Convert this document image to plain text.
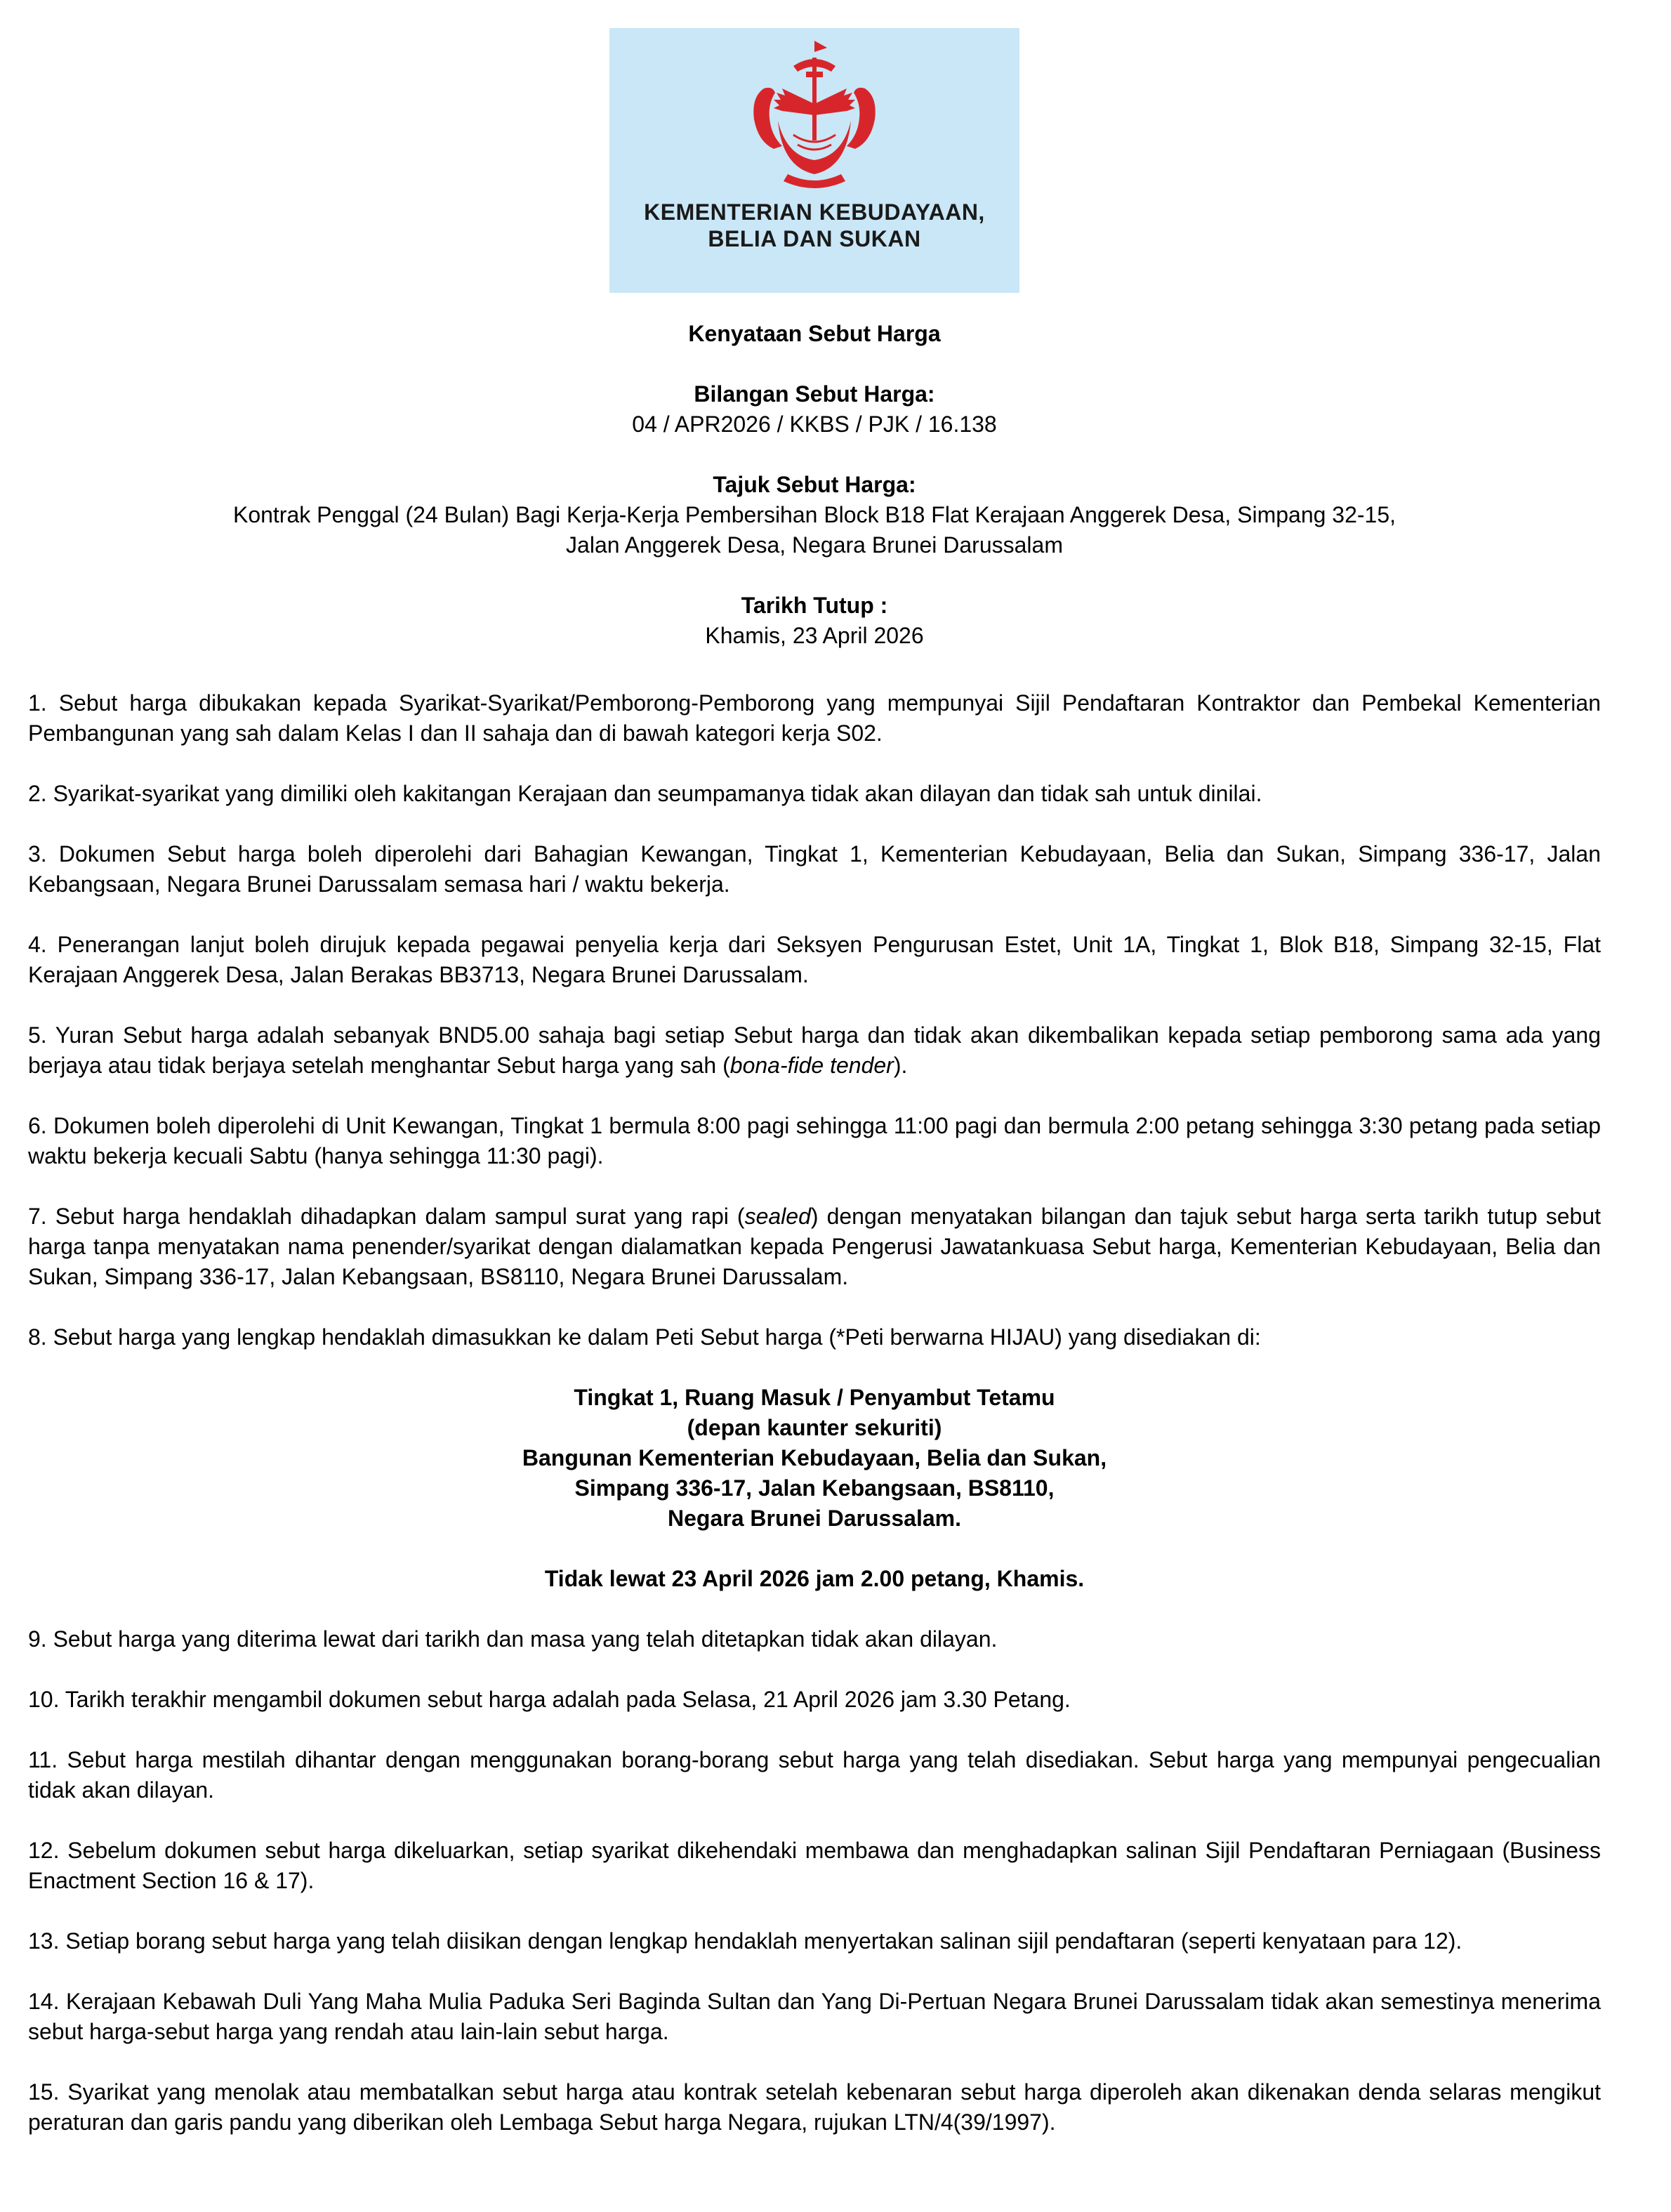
KEMENTERIAN KEBUDAYAAN,
BELIA DAN SUKAN
Kenyataan Sebut Harga
Bilangan Sebut Harga:
04 / APR2026 / KKBS / PJK / 16.138
Tajuk Sebut Harga:
Kontrak Penggal (24 Bulan) Bagi Kerja-Kerja Pembersihan Block B18 Flat Kerajaan Anggerek Desa, Simpang 32-15,
Jalan Anggerek Desa, Negara Brunei Darussalam
Tarikh Tutup :
Khamis, 23 April 2026

1. Sebut harga dibukakan kepada Syarikat-Syarikat/Pemborong-Pemborong yang mempunyai Sijil Pendaftaran Kontraktor dan Pembekal Kementerian Pembangunan yang sah dalam Kelas I dan II sahaja dan di bawah kategori kerja S02.

2. Syarikat-syarikat yang dimiliki oleh kakitangan Kerajaan dan seumpamanya tidak akan dilayan dan tidak sah untuk dinilai.

3. Dokumen Sebut harga boleh diperolehi dari Bahagian Kewangan, Tingkat 1, Kementerian Kebudayaan, Belia dan Sukan, Simpang 336-17, Jalan Kebangsaan, Negara Brunei Darussalam semasa hari / waktu bekerja.

4. Penerangan lanjut boleh dirujuk kepada pegawai penyelia kerja dari Seksyen Pengurusan Estet, Unit 1A, Tingkat 1, Blok B18, Simpang 32-15, Flat Kerajaan Anggerek Desa, Jalan Berakas BB3713, Negara Brunei Darussalam.

5. Yuran Sebut harga adalah sebanyak BND5.00 sahaja bagi setiap Sebut harga dan tidak akan dikembalikan kepada setiap pemborong sama ada yang berjaya atau tidak berjaya setelah menghantar Sebut harga yang sah (bona-fide tender).

6. Dokumen boleh diperolehi di Unit Kewangan, Tingkat 1 bermula 8:00 pagi sehingga 11:00 pagi dan bermula 2:00 petang sehingga 3:30 petang pada setiap waktu bekerja kecuali Sabtu (hanya sehingga 11:30 pagi).

7. Sebut harga hendaklah dihadapkan dalam sampul surat yang rapi (sealed) dengan menyatakan bilangan dan tajuk sebut harga serta tarikh tutup sebut harga tanpa menyatakan nama penender/syarikat dengan dialamatkan kepada Pengerusi Jawatankuasa Sebut harga, Kementerian Kebudayaan, Belia dan Sukan, Simpang 336-17, Jalan Kebangsaan, BS8110, Negara Brunei Darussalam.

8. Sebut harga yang lengkap hendaklah dimasukkan ke dalam Peti Sebut harga (*Peti berwarna HIJAU) yang disediakan di:

Tingkat 1, Ruang Masuk / Penyambut Tetamu
(depan kaunter sekuriti)
Bangunan Kementerian Kebudayaan, Belia dan Sukan,
Simpang 336-17, Jalan Kebangsaan, BS8110,
Negara Brunei Darussalam.
Tidak lewat 23 April 2026 jam 2.00 petang, Khamis.

9. Sebut harga yang diterima lewat dari tarikh dan masa yang telah ditetapkan tidak akan dilayan.

10. Tarikh terakhir mengambil dokumen sebut harga adalah pada Selasa, 21 April 2026 jam 3.30 Petang.

11. Sebut harga mestilah dihantar dengan menggunakan borang-borang sebut harga yang telah disediakan. Sebut harga yang mempunyai pengecualian tidak akan dilayan.

12. Sebelum dokumen sebut harga dikeluarkan, setiap syarikat dikehendaki membawa dan menghadapkan salinan Sijil Pendaftaran Perniagaan (Business Enactment Section 16 & 17).

13. Setiap borang sebut harga yang telah diisikan dengan lengkap hendaklah menyertakan salinan sijil pendaftaran (seperti kenyataan para 12).

14. Kerajaan Kebawah Duli Yang Maha Mulia Paduka Seri Baginda Sultan dan Yang Di-Pertuan Negara Brunei Darussalam tidak akan semestinya menerima sebut harga-sebut harga yang rendah atau lain-lain sebut harga.

15. Syarikat yang menolak atau membatalkan sebut harga atau kontrak setelah kebenaran sebut harga diperoleh akan dikenakan denda selaras mengikut peraturan dan garis pandu yang diberikan oleh Lembaga Sebut harga Negara, rujukan LTN/4(39/1997).
